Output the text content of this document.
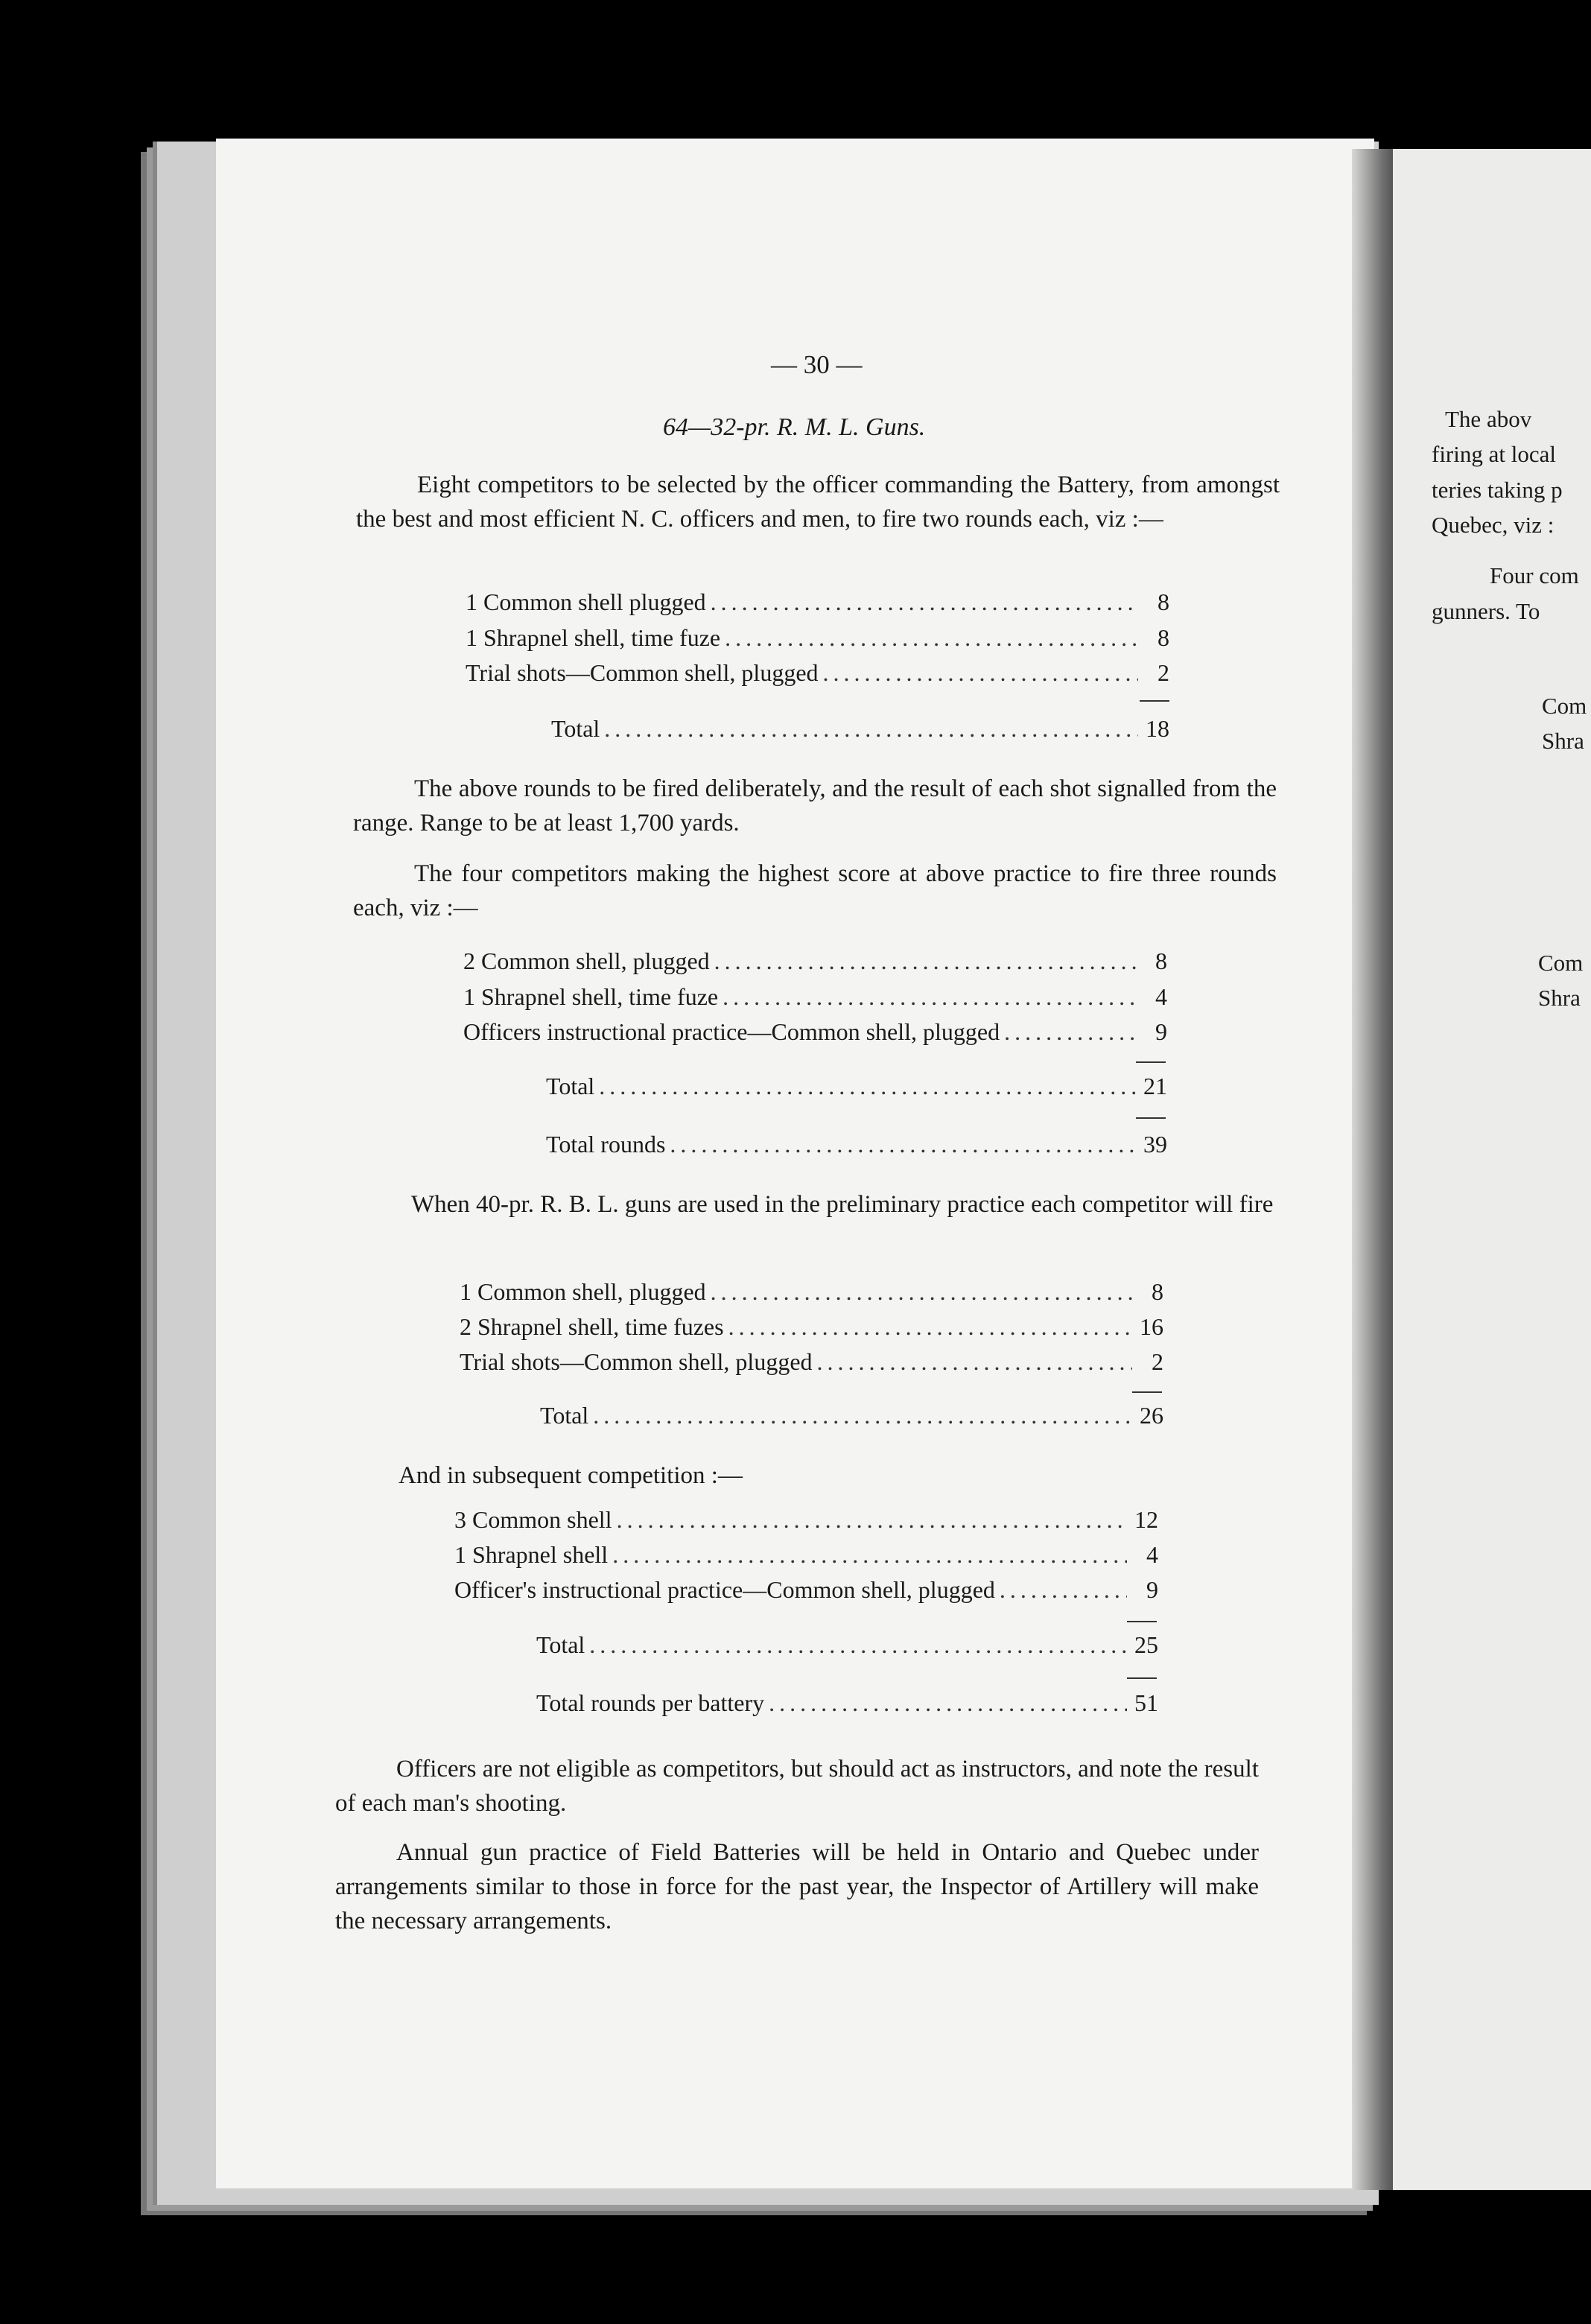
The abov
firing at local
teries taking p
Quebec, viz :
Four com
gunners. To
Com
Shra
Com
Shra
— 30 —
64—32-pr. R. M. L. Guns.

Eight competitors to be selected by the officer commanding the Battery, from amongst the best and most efficient N. C. officers and men, to fire two rounds each, viz :—

1 Common shell plugged .....	8
1 Shrapnel shell, time fuze .....	8
Trial shots—Common shell, plugged .....	2
Total .....	18

The above rounds to be fired deliberately, and the result of each shot signalled from the range. Range to be at least 1,700 yards.

The four competitors making the highest score at above practice to fire three rounds each, viz :—

2 Common shell, plugged .....	8
1 Shrapnel shell, time fuze .....	4
Officers instructional practice—Common shell, plugged .....	9
Total .....	21
Total rounds .....	39

When 40-pr. R. B. L. guns are used in the preliminary practice each competitor will fire

1 Common shell, plugged .....	8
2 Shrapnel shell, time fuzes .....	16
Trial shots—Common shell, plugged .....	2
Total .....	26

And in subsequent competition :—

3 Common shell .....	12
1 Shrapnel shell .....	4
Officer's instructional practice—Common shell, plugged .....	9
Total .....	25
Total rounds per battery .....	51

Officers are not eligible as competitors, but should act as instructors, and note the result of each man's shooting.

Annual gun practice of Field Batteries will be held in Ontario and Quebec under arrangements similar to those in force for the past year, the Inspector of Artillery will make the necessary arrangements.
